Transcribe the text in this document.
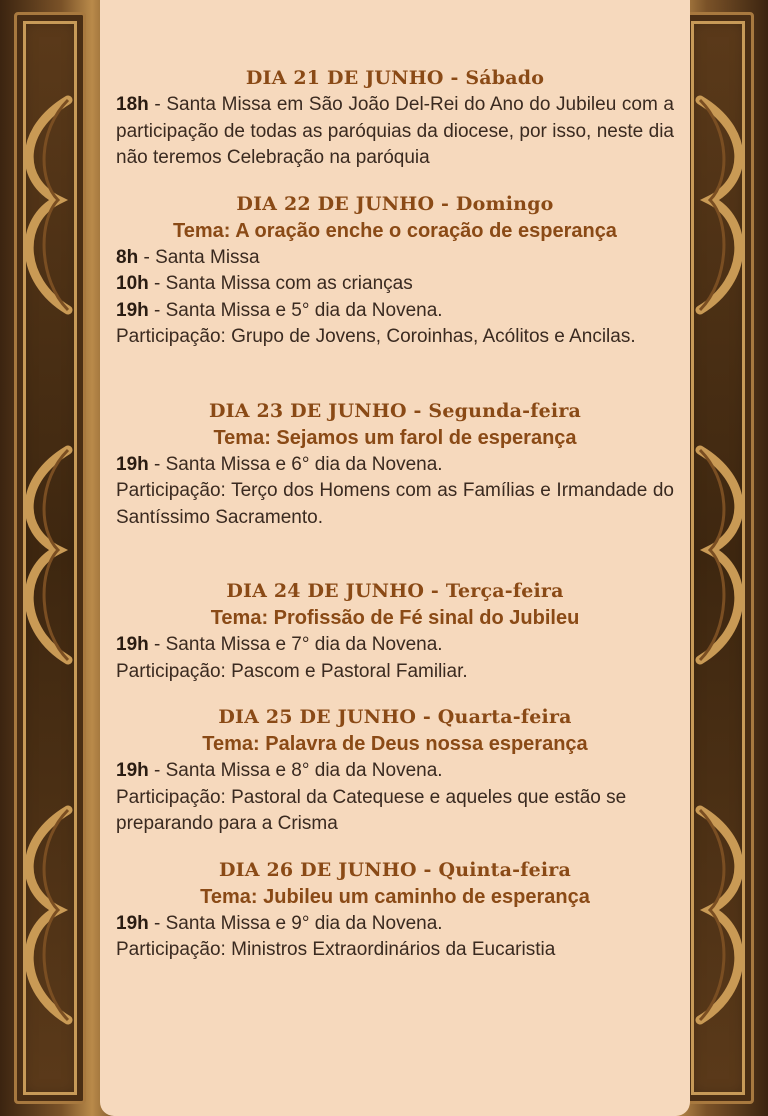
DIA 21 DE JUNHO - Sábado
18h - Santa Missa em São João Del-Rei do Ano do Jubileu com a participação de todas as paróquias da diocese, por isso, neste dia não teremos Celebração na paróquia
DIA 22 DE JUNHO - Domingo
Tema: A oração enche o coração de esperança
8h - Santa Missa
10h - Santa Missa com as crianças
19h - Santa Missa e 5° dia da Novena.
Participação: Grupo de Jovens, Coroinhas, Acólitos e Ancilas.
DIA 23 DE JUNHO - Segunda-feira
Tema: Sejamos um farol de esperança
19h - Santa Missa e 6° dia da Novena.
Participação: Terço dos Homens com as Famílias e Irmandade do Santíssimo Sacramento.
DIA 24 DE JUNHO - Terça-feira
Tema: Profissão de Fé sinal do Jubileu
19h - Santa Missa e 7° dia da Novena.
Participação: Pascom e Pastoral Familiar.
DIA 25 DE JUNHO - Quarta-feira
Tema: Palavra de Deus nossa esperança
19h - Santa Missa e 8° dia da Novena.
Participação: Pastoral da Catequese e aqueles que estão se preparando para a Crisma
DIA 26 DE JUNHO - Quinta-feira
Tema: Jubileu um caminho de esperança
19h - Santa Missa e 9° dia da Novena.
Participação: Ministros Extraordinários da Eucaristia
